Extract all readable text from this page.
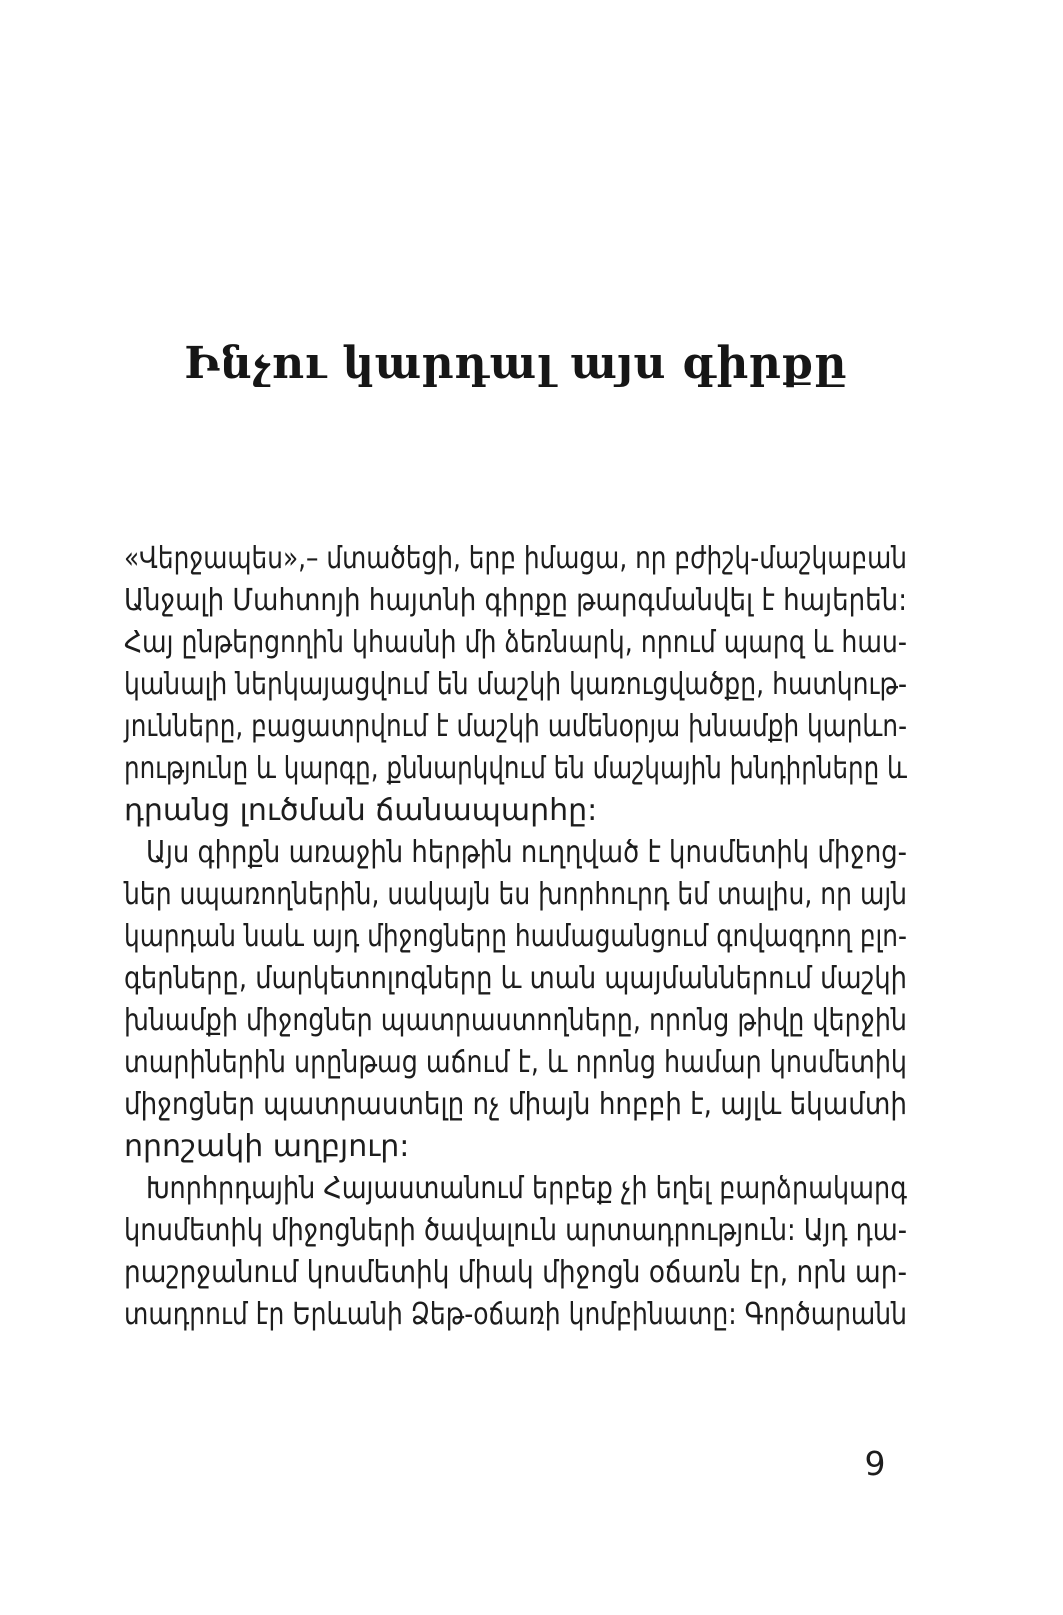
Ինչու կարդալ այս գիրքը
«Վերջապես»,– մտածեցի, երբ իմացա, որ բժիշկ-մաշկաբան
Անջալի Մահտոյի հայտնի գիրքը թարգմանվել է հայերեն:
Հայ ընթերցողին կհասնի մի ձեռնարկ, որում պարզ և հաս-
կանալի ներկայացվում են մաշկի կառուցվածքը, հատկութ-
յունները, բացատրվում է մաշկի ամենօրյա խնամքի կարևո-
րությունը և կարգը, քննարկվում են մաշկային խնդիրները և
դրանց լուծման ճանապարհը:
Այս գիրքն առաջին հերթին ուղղված է կոսմետիկ միջոց-
ներ սպառողներին, սակայն ես խորհուրդ եմ տալիս, որ այն
կարդան նաև այդ միջոցները համացանցում գովազդող բլո-
գերները, մարկետոլոգները և տան պայմաններում մաշկի
խնամքի միջոցներ պատրաստողները, որոնց թիվը վերջին
տարիներին սրընթաց աճում է, և որոնց համար կոսմետիկ
միջոցներ պատրաստելը ոչ միայն հոբբի է, այլև եկամտի
որոշակի աղբյուր:
Խորհրդային Հայաստանում երբեք չի եղել բարձրակարգ
կոսմետիկ միջոցների ծավալուն արտադրություն: Այդ դա-
րաշրջանում կոսմետիկ միակ միջոցն օճառն էր, որն ար-
տադրում էր Երևանի Ձեթ-օճառի կոմբինատը: Գործարանն
9
